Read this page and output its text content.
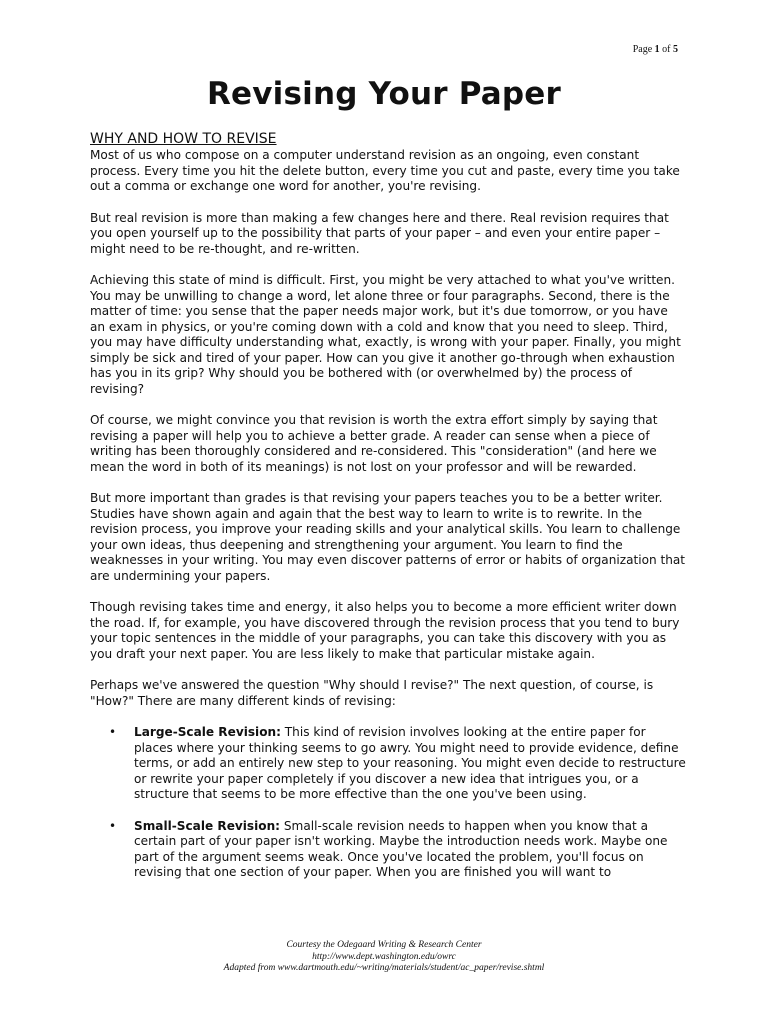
Page 1 of 5
Revising Your Paper
WHY AND HOW TO REVISE

Most of us who compose on a computer understand revision as an ongoing, even constant process. Every time you hit the delete button, every time you cut and paste, every time you take out a comma or exchange one word for another, you're revising.

But real revision is more than making a few changes here and there. Real revision requires that you open yourself up to the possibility that parts of your paper – and even your entire paper – might need to be re-thought, and re-written.

Achieving this state of mind is difficult. First, you might be very attached to what you've written. You may be unwilling to change a word, let alone three or four paragraphs. Second, there is the matter of time: you sense that the paper needs major work, but it's due tomorrow, or you have an exam in physics, or you're coming down with a cold and know that you need to sleep. Third, you may have difficulty understanding what, exactly, is wrong with your paper. Finally, you might simply be sick and tired of your paper. How can you give it another go-through when exhaustion has you in its grip? Why should you be bothered with (or overwhelmed by) the process of revising?

Of course, we might convince you that revision is worth the extra effort simply by saying that revising a paper will help you to achieve a better grade. A reader can sense when a piece of writing has been thoroughly considered and re-considered. This "consideration" (and here we mean the word in both of its meanings) is not lost on your professor and will be rewarded.

But more important than grades is that revising your papers teaches you to be a better writer. Studies have shown again and again that the best way to learn to write is to rewrite. In the revision process, you improve your reading skills and your analytical skills. You learn to challenge your own ideas, thus deepening and strengthening your argument. You learn to find the weaknesses in your writing. You may even discover patterns of error or habits of organization that are undermining your papers.

Though revising takes time and energy, it also helps you to become a more efficient writer down the road. If, for example, you have discovered through the revision process that you tend to bury your topic sentences in the middle of your paragraphs, you can take this discovery with you as you draft your next paper. You are less likely to make that particular mistake again.

Perhaps we've answered the question "Why should I revise?" The next question, of course, is "How?" There are many different kinds of revising:

• Large-Scale Revision: This kind of revision involves looking at the entire paper for places where your thinking seems to go awry. You might need to provide evidence, define terms, or add an entirely new step to your reasoning. You might even decide to restructure or rewrite your paper completely if you discover a new idea that intrigues you, or a structure that seems to be more effective than the one you've been using.
• Small-Scale Revision: Small-scale revision needs to happen when you know that a certain part of your paper isn't working. Maybe the introduction needs work. Maybe one part of the argument seems weak. Once you've located the problem, you'll focus on revising that one section of your paper. When you are finished you will want to
Courtesy the Odegaard Writing & Research Center
http://www.dept.washington.edu/owrc
Adapted from www.dartmouth.edu/~writing/materials/student/ac_paper/revise.shtml
